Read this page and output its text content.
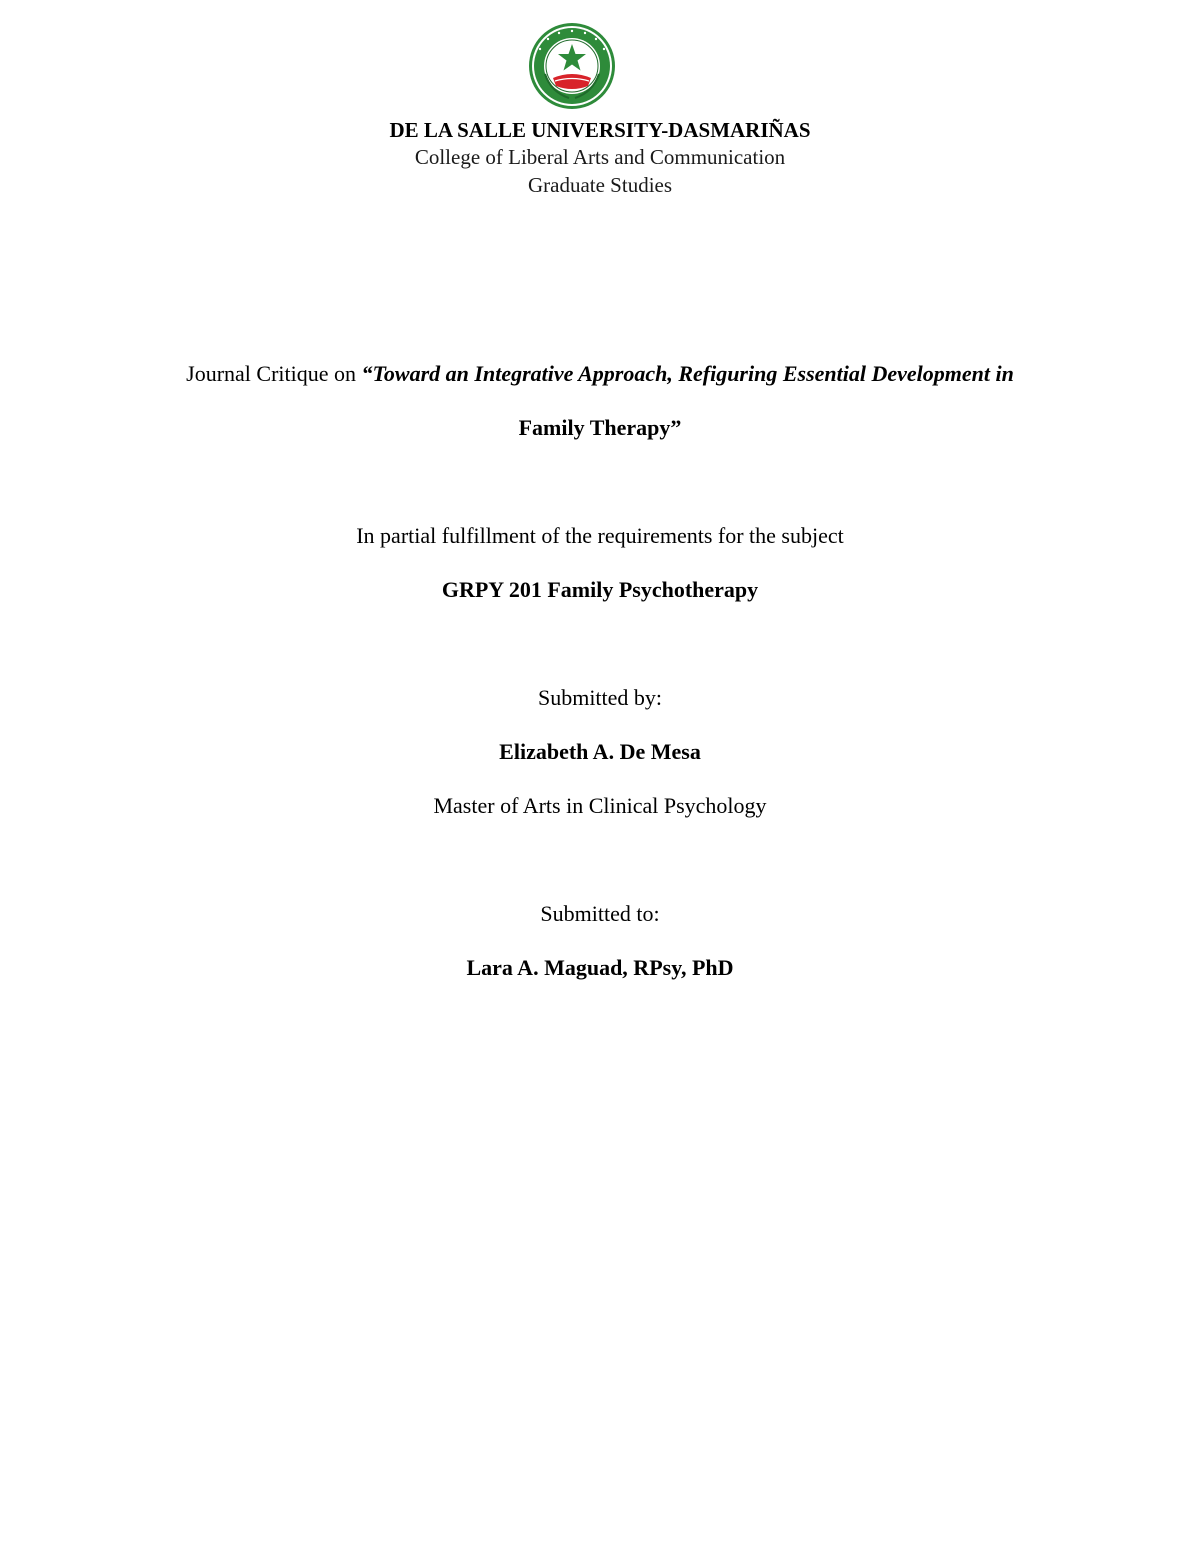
DE LA SALLE UNIVERSITY-DASMARIÑAS
College of Liberal Arts and Communication
Graduate Studies
Journal Critique on “Toward an Integrative Approach, Refiguring Essential Development in
Family Therapy”
In partial fulfillment of the requirements for the subject
GRPY 201 Family Psychotherapy
Submitted by:
Elizabeth A. De Mesa
Master of Arts in Clinical Psychology
Submitted to:
Lara A. Maguad, RPsy, PhD
